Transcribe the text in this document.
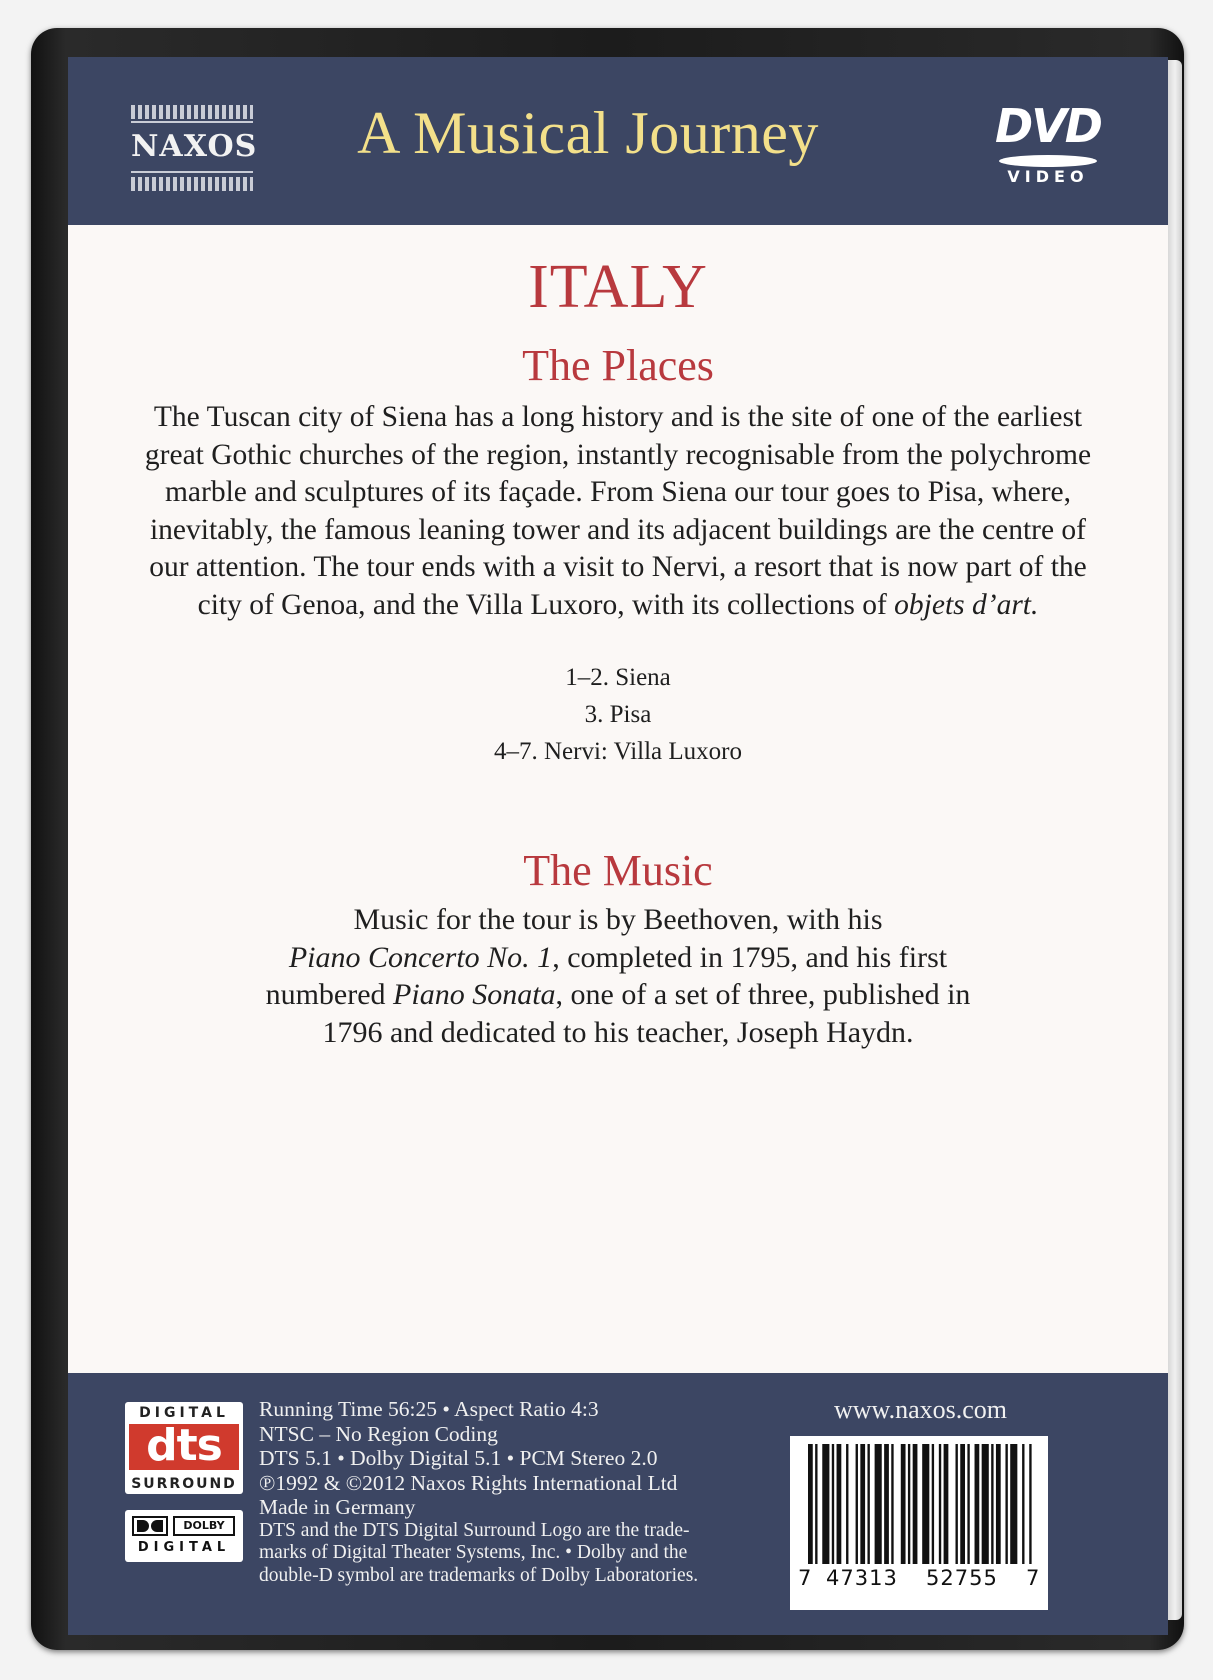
NAXOS	A Musical Journey	DVD
VIDEO
ITALY
The Places
The Tuscan city of Siena has a long history and is the site of one of the earliest great Gothic churches of the region, instantly recognisable from the polychrome marble and sculptures of its façade. From Siena our tour goes to Pisa, where, inevitably, the famous leaning tower and its adjacent buildings are the centre of our attention. The tour ends with a visit to Nervi, a resort that is now part of the city of Genoa, and the Villa Luxoro, with its collections of objets d’art.
1–2. Siena
3. Pisa
4–7. Nervi: Villa Luxoro
The Music
Music for the tour is by Beethoven, with his
Piano Concerto No. 1, completed in 1795, and his first
numbered Piano Sonata, one of a set of three, published in
1796 and dedicated to his teacher, Joseph Haydn.
DIGITAL
dts
SURROUND
DOLBY
DIGITAL
Running Time 56:25 • Aspect Ratio 4:3
NTSC – No Region Coding
DTS 5.1 • Dolby Digital 5.1 • PCM Stereo 2.0
℗1992 & ©2012 Naxos Rights International Ltd
Made in Germany
DTS and the DTS Digital Surround Logo are the trade-
marks of Digital Theater Systems, Inc. • Dolby and the
double-D symbol are trademarks of Dolby Laboratories.
www.naxos.com
7 47313 52755 7
